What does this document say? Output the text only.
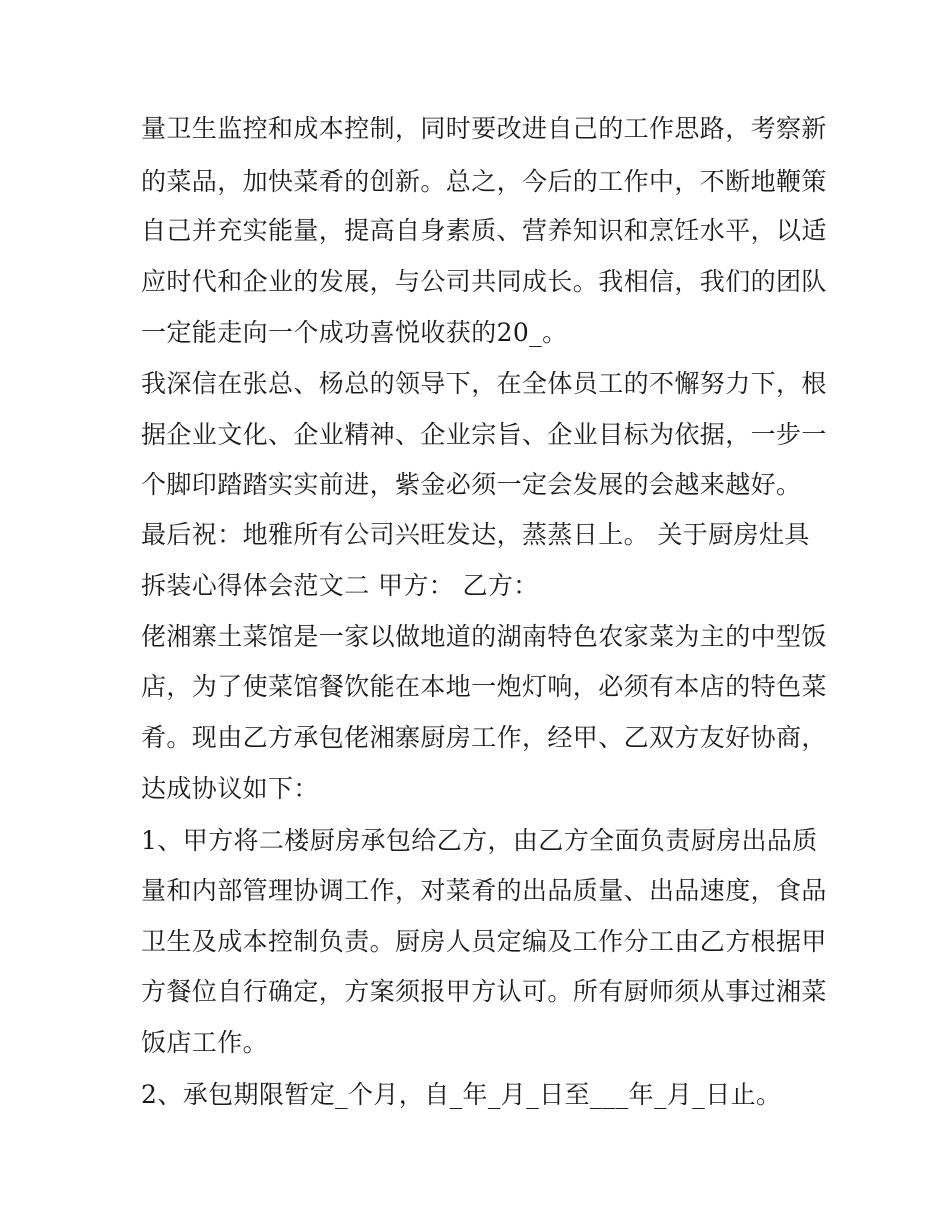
量卫生监控和成本控制，同时要改进自己的工作思路，考察新
的菜品，加快菜肴的创新。总之，今后的工作中，不断地鞭策
自己并充实能量，提高自身素质、营养知识和烹饪水平，以适
应时代和企业的发展，与公司共同成长。我相信，我们的团队
一定能走向一个成功喜悦收获的20_。
我深信在张总、杨总的领导下，在全体员工的不懈努力下，根
据企业文化、企业精神、企业宗旨、企业目标为依据，一步一
个脚印踏踏实实前进，紫金必须一定会发展的会越来越好。
最后祝：地雅所有公司兴旺发达，蒸蒸日上。 关于厨房灶具
拆装心得体会范文二 甲方： 乙方：
佬湘寨土菜馆是一家以做地道的湖南特色农家菜为主的中型饭
店，为了使菜馆餐饮能在本地一炮灯响，必须有本店的特色菜
肴。现由乙方承包佬湘寨厨房工作，经甲、乙双方友好协商，
达成协议如下：
1、甲方将二楼厨房承包给乙方，由乙方全面负责厨房出品质
量和内部管理协调工作，对菜肴的出品质量、出品速度，食品
卫生及成本控制负责。厨房人员定编及工作分工由乙方根据甲
方餐位自行确定，方案须报甲方认可。所有厨师须从事过湘菜
饭店工作。
2、承包期限暂定_个月，自_年_月_日至___年_月_日止。
